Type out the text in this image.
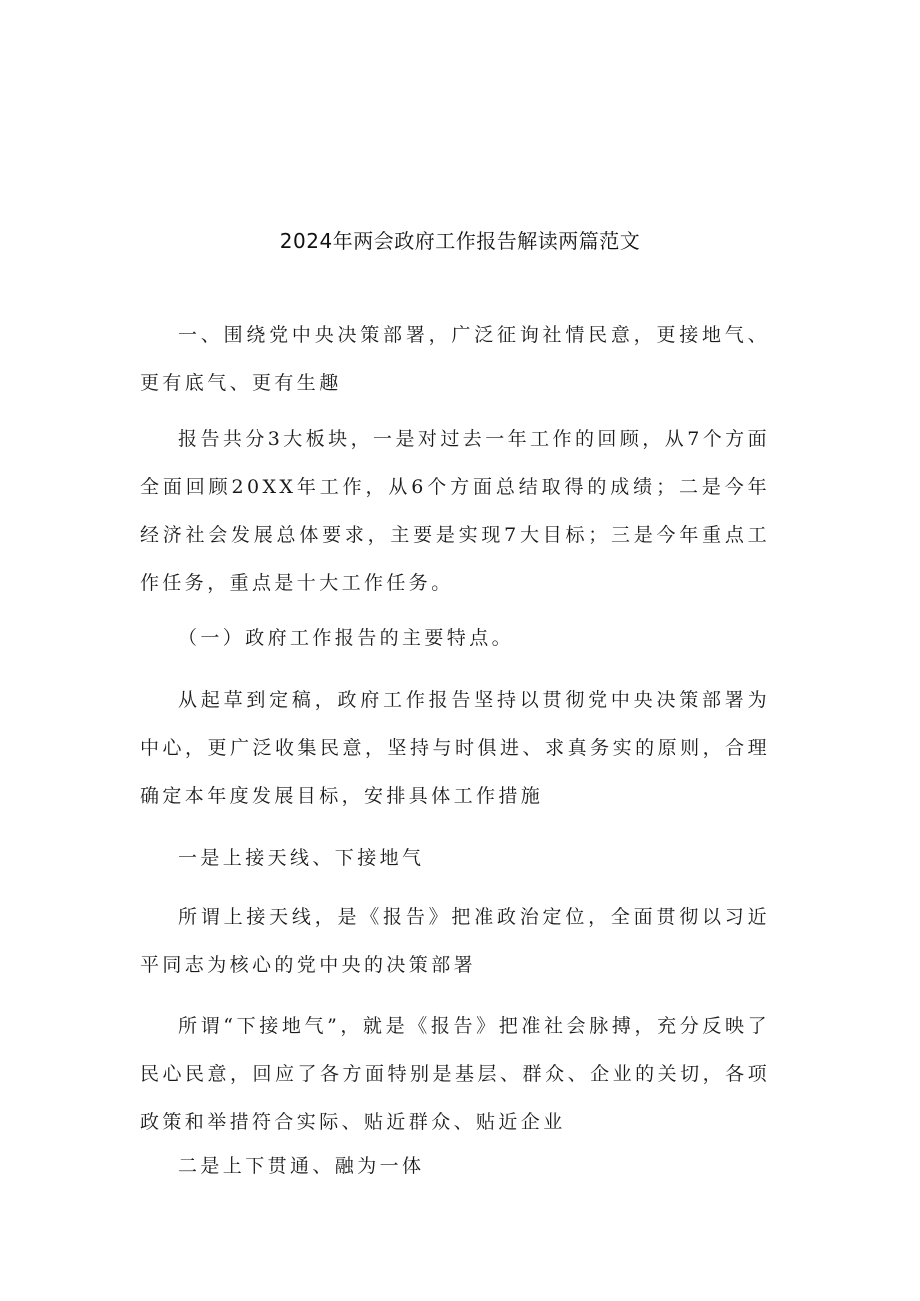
2024年两会政府工作报告解读两篇范文

一、围绕党中央决策部署，广泛征询社情民意，更接地气、更有底气、更有生趣

报告共分3大板块，一是对过去一年工作的回顾，从7个方面全面回顾20XX年工作，从6个方面总结取得的成绩；二是今年经济社会发展总体要求，主要是实现7大目标；三是今年重点工作任务，重点是十大工作任务。

（一）政府工作报告的主要特点。

从起草到定稿，政府工作报告坚持以贯彻党中央决策部署为中心，更广泛收集民意，坚持与时俱进、求真务实的原则，合理确定本年度发展目标，安排具体工作措施

一是上接天线、下接地气

所谓上接天线，是《报告》把准政治定位，全面贯彻以习近平同志为核心的党中央的决策部署

所谓“下接地气”，就是《报告》把准社会脉搏，充分反映了民心民意，回应了各方面特别是基层、群众、企业的关切，各项政策和举措符合实际、贴近群众、贴近企业

二是上下贯通、融为一体
